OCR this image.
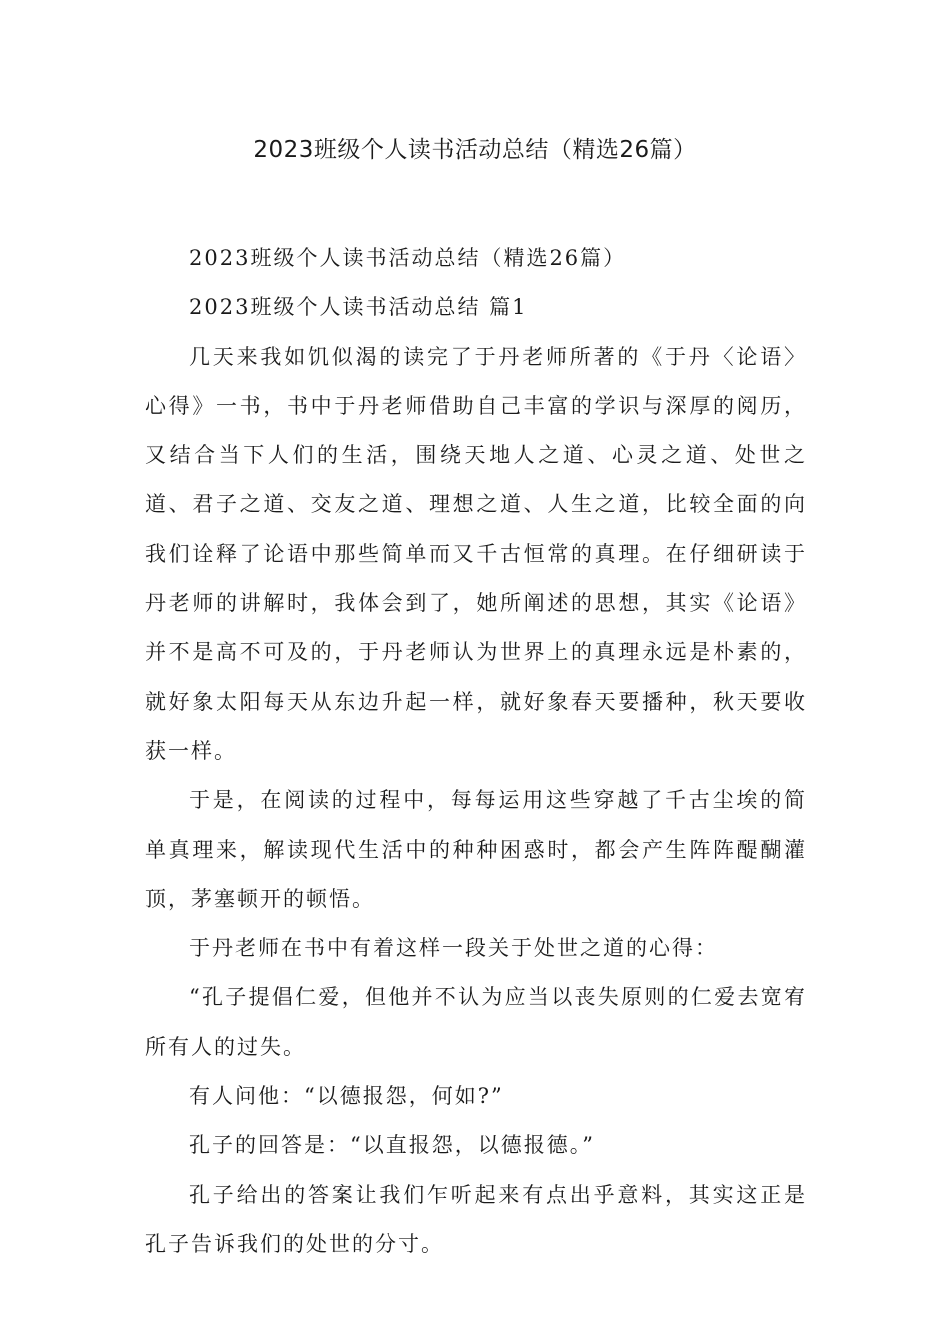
2023班级个人读书活动总结（精选26篇）

2023班级个人读书活动总结（精选26篇）

2023班级个人读书活动总结 篇1

几天来我如饥似渴的读完了于丹老师所著的《于丹〈论语〉心得》一书，书中于丹老师借助自己丰富的学识与深厚的阅历，又结合当下人们的生活，围绕天地人之道、心灵之道、处世之道、君子之道、交友之道、理想之道、人生之道，比较全面的向我们诠释了论语中那些简单而又千古恒常的真理。在仔细研读于丹老师的讲解时，我体会到了，她所阐述的思想，其实《论语》并不是高不可及的，于丹老师认为世界上的真理永远是朴素的，就好象太阳每天从东边升起一样，就好象春天要播种，秋天要收获一样。

于是，在阅读的过程中，每每运用这些穿越了千古尘埃的简单真理来，解读现代生活中的种种困惑时，都会产生阵阵醍醐灌顶，茅塞顿开的顿悟。

于丹老师在书中有着这样一段关于处世之道的心得：

“孔子提倡仁爱，但他并不认为应当以丧失原则的仁爱去宽宥所有人的过失。

有人问他：“以德报怨，何如?”

孔子的回答是：“以直报怨，以德报德。”

孔子给出的答案让我们乍听起来有点出乎意料，其实这正是孔子告诉我们的处世的分寸。
